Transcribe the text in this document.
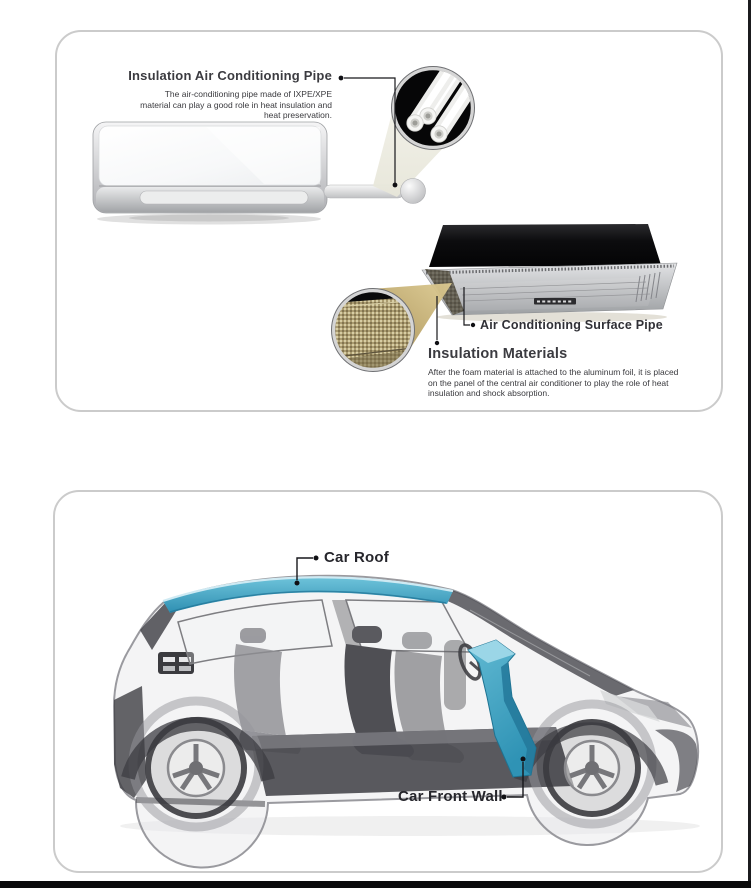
Insulation Air Conditioning Pipe
The air-conditioning pipe made of IXPE/XPE material can play a good role in heat insulation and heat preservation.
Air Conditioning Surface Pipe
Insulation Materials
After the foam material is attached to the aluminum foil, it is placed on the panel of the central air conditioner to play the role of heat insulation and shock absorption.
Car Roof
Car Front Wall
